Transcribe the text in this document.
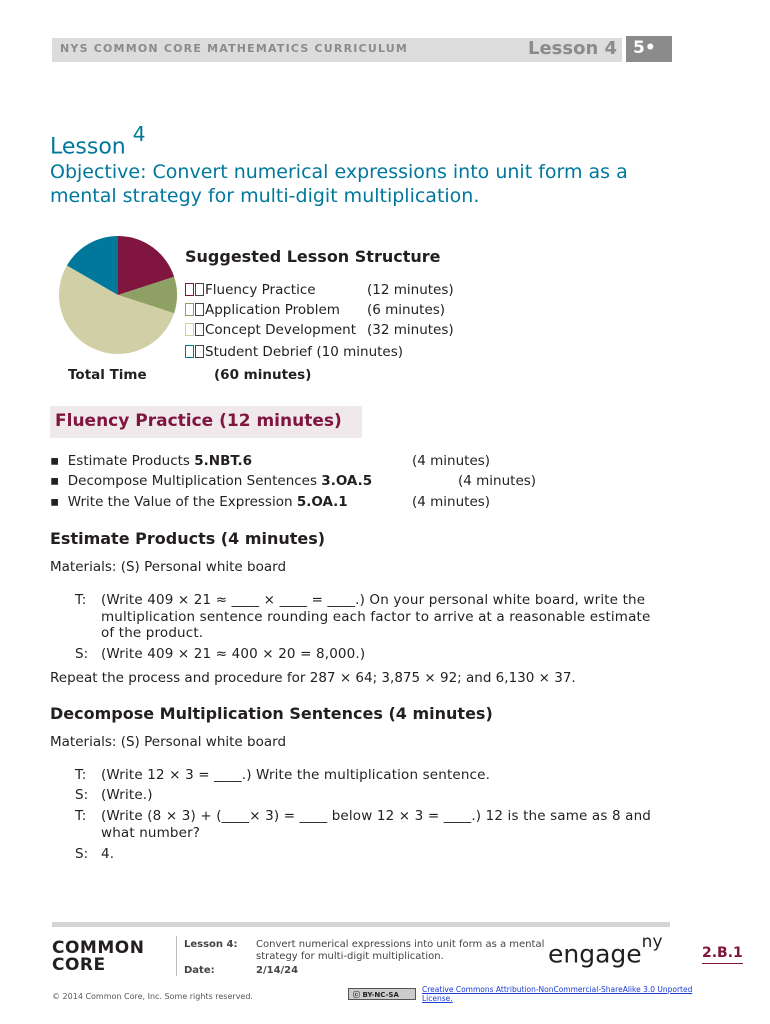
NYS COMMON CORE MATHEMATICS CURRICULUM	Lesson 4 5•
Lesson $^4$
Objective: Convert numerical expressions into unit form as a mental strategy for multi-digit multiplication.
Suggested Lesson Structure
Fluency Practice	(12 minutes)
Application Problem (6 minutes)
Concept Development (32 minutes)
Student Debrief (10 minutes)
Total Time	(60 minutes)
Fluency Practice (12 minutes)
▪ Estimate Products 5.NBT.6	(4 minutes)
▪ Decompose Multiplication Sentences 3.OA.5	(4 minutes)
▪ Write the Value of the Expression 5.OA.1	(4 minutes)
Estimate Products (4 minutes)
Materials: (S) Personal white board
T: (Write 409 × 21 ≈ ____ × ____ = ____.) On your personal white board, write the multiplication sentence rounding each factor to arrive at a reasonable estimate of the product.
S: (Write 409 × 21 ≈ 400 × 20 = 8,000.)
Repeat the process and procedure for 287 × 64; 3,875 × 92; and 6,130 × 37.
Decompose Multiplication Sentences (4 minutes)
Materials: (S) Personal white board
T: (Write 12 × 3 = ____.) Write the multiplication sentence.
S: (Write.)
T: (Write (8 × 3) + (____× 3) = ____ below 12 × 3 = ____.) 12 is the same as 8 and what number?
S: 4.
COMMON
CORE
Lesson 4: Convert numerical expressions into unit form as a mental
strategy for multi-digit multiplication.
Date:	2/14/24
engage$^{ny}$
2.B.1
© 2014 Common Core, Inc. Some rights reserved.	ⓒ BY-NC-SA
Creative Commons Attribution-NonCommercial-ShareAlike 3.0 Unported License.
